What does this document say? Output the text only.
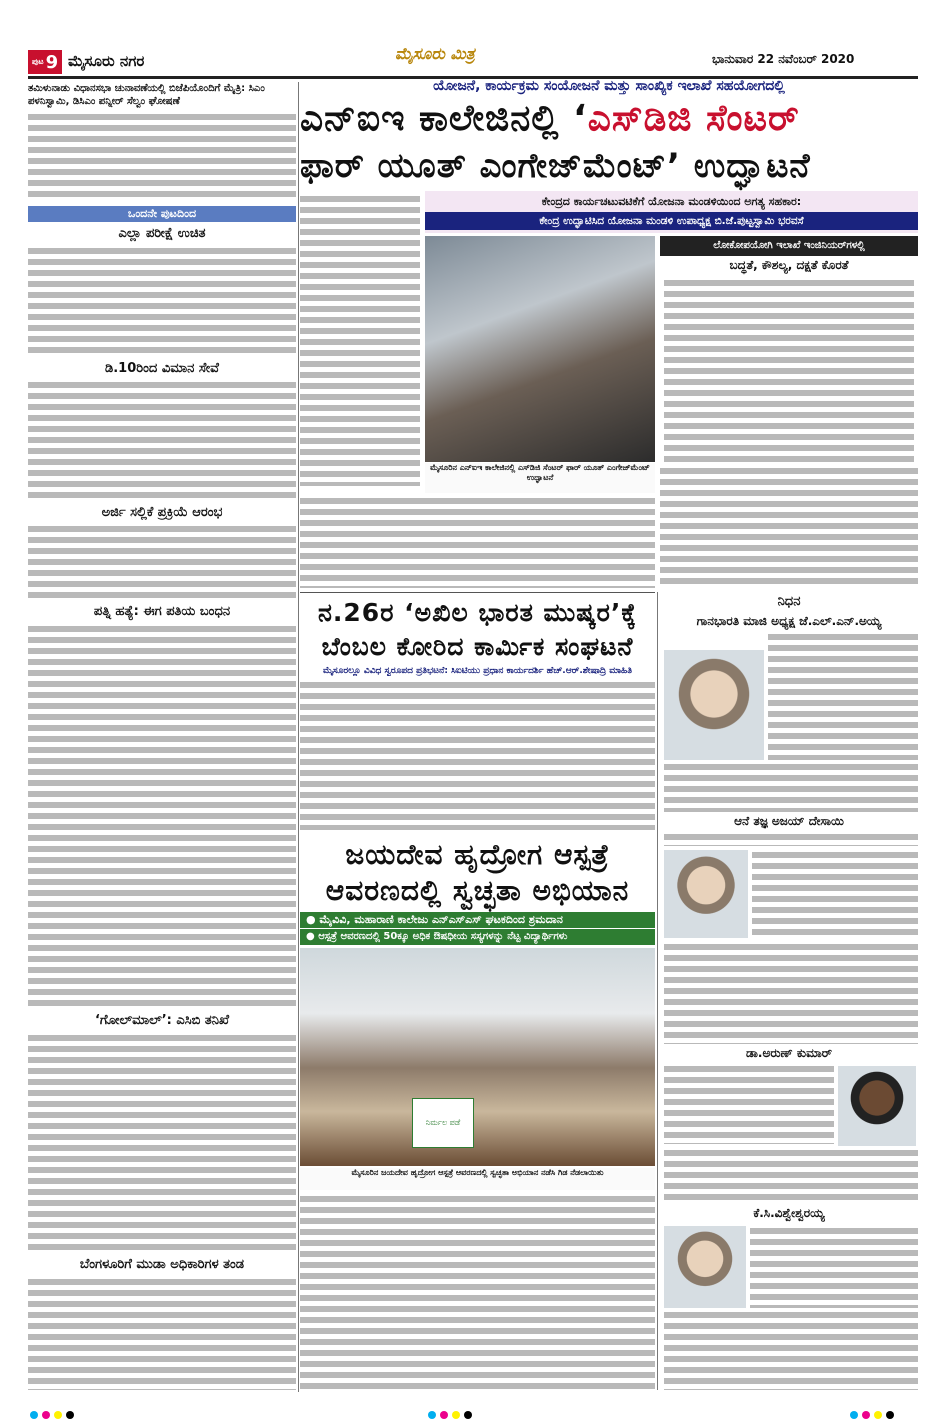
ಪುಟ 9 ಮೈಸೂರು ನಗರ	ಮೈಸೂರು ಮಿತ್ರ	ಭಾನುವಾರ 22 ನವೆಂಬರ್ 2020
ಯೋಜನೆ, ಕಾರ್ಯಕ್ರಮ ಸಂಯೋಜನೆ ಮತ್ತು ಸಾಂಖ್ಯಿಕ ಇಲಾಖೆ ಸಹಯೋಗದಲ್ಲಿ
ಎನ್‌ಐಇ ಕಾಲೇಜಿನಲ್ಲಿ ‘ಎಸ್‌ಡಿಜಿ ಸೆಂಟರ್
ಫಾರ್ ಯೂತ್ ಎಂಗೇಜ್‌ಮೆಂಟ್’ ಉದ್ಘಾಟನೆ
ಕೇಂದ್ರದ ಕಾರ್ಯಚಟುವಟಿಕೆಗೆ ಯೋಜನಾ ಮಂಡಳಿಯಿಂದ ಅಗತ್ಯ ಸಹಕಾರ:
ಕೇಂದ್ರ ಉದ್ಘಾಟಿಸಿದ ಯೋಜನಾ ಮಂಡಳಿ ಉಪಾಧ್ಯಕ್ಷ ಬಿ.ಜೆ.ಪುಟ್ಟಸ್ವಾಮಿ ಭರವಸೆ
ತಮಿಳುನಾಡು ವಿಧಾನಸಭಾ ಚುನಾವಣೆಯಲ್ಲಿ ಬಿಜೆಪಿಯೊಂದಿಗೆ ಮೈತ್ರಿ: ಸಿಎಂ ಪಳನಿಸ್ವಾಮಿ, ಡಿಸಿಎಂ ಪನ್ನೀರ್ ಸೆಲ್ವಂ ಘೋಷಣೆ
ಒಂದನೇ ಪುಟದಿಂದ
ಎಲ್ಲಾ ಪರೀಕ್ಷೆ ಉಚಿತ
ಡಿ.10ರಿಂದ ವಿಮಾನ ಸೇವೆ
ಅರ್ಜಿ ಸಲ್ಲಿಕೆ ಪ್ರಕ್ರಿಯೆ ಆರಂಭ
ಪತ್ನಿ ಹತ್ಯೆ: ಈಗ ಪತಿಯ ಬಂಧನ
‘ಗೋಲ್‌ಮಾಲ್’: ಎಸಿಬಿ ತನಿಖೆ
ಬೆಂಗಳೂರಿಗೆ ಮುಡಾ ಅಧಿಕಾರಿಗಳ ತಂಡ
ಮೈಸೂರಿನ ಎನ್‌ಐಇ ಕಾಲೇಜಿನಲ್ಲಿ ಎಸ್‌ಡಿಜಿ ಸೆಂಟರ್ ಫಾರ್ ಯೂತ್ ಎಂಗೇಜ್‌ಮೆಂಟ್ ಉದ್ಘಾಟನೆ
ಲೋಕೋಪಯೋಗಿ ಇಲಾಖೆ ಇಂಜಿನಿಯರ್‌ಗಳಲ್ಲಿ
ಬದ್ಧತೆ, ಕೌಶಲ್ಯ, ದಕ್ಷತೆ ಕೊರತೆ
ನ.26ರ ‘ಅಖಿಲ ಭಾರತ ಮುಷ್ಕರ’ಕ್ಕೆ
ಬೆಂಬಲ ಕೋರಿದ ಕಾರ್ಮಿಕ ಸಂಘಟನೆ
ಮೈಸೂರಲ್ಲೂ ವಿವಿಧ ಸ್ವರೂಪದ ಪ್ರತಿಭಟನೆ: ಸಿಐಟಿಯು ಪ್ರಧಾನ ಕಾರ್ಯದರ್ಶಿ ಹೆಚ್.ಆರ್.ಶೇಷಾದ್ರಿ ಮಾಹಿತಿ
ಜಯದೇವ ಹೃದ್ರೋಗ ಆಸ್ಪತ್ರೆ
ಆವರಣದಲ್ಲಿ ಸ್ವಚ್ಛತಾ ಅಭಿಯಾನ
● ಮೈವಿವಿ, ಮಹಾರಾಣಿ ಕಾಲೇಜು ಎನ್‌ಎಸ್‌ಎಸ್ ಘಟಕದಿಂದ ಶ್ರಮದಾನ
● ಆಸ್ಪತ್ರೆ ಆವರಣದಲ್ಲಿ 50ಕ್ಕೂ ಅಧಿಕ ಔಷಧೀಯ ಸಸ್ಯಗಳನ್ನು ನೆಟ್ಟ ವಿದ್ಯಾರ್ಥಿಗಳು
ನಿರ್ಮಲ ಪಡೆ
ಮೈಸೂರಿನ ಜಯದೇವ ಹೃದ್ರೋಗ ಆಸ್ಪತ್ರೆ ಆವರಣದಲ್ಲಿ ಸ್ವಚ್ಛತಾ ಅಭಿಯಾನ ನಡೆಸಿ ಗಿಡ ನೆಡಲಾಯಿತು
ನಿಧನ
ಗಾನಭಾರತಿ ಮಾಜಿ ಅಧ್ಯಕ್ಷ ಜೆ.ಎಲ್.ಎನ್.ಅಯ್ಯ
ಆನೆ ತಜ್ಞ ಅಜಯ್ ದೇಸಾಯಿ
ಡಾ.ಅರುಣ್ ಕುಮಾರ್
ಕೆ.ಸಿ.ವಿಶ್ವೇಶ್ವರಯ್ಯ
